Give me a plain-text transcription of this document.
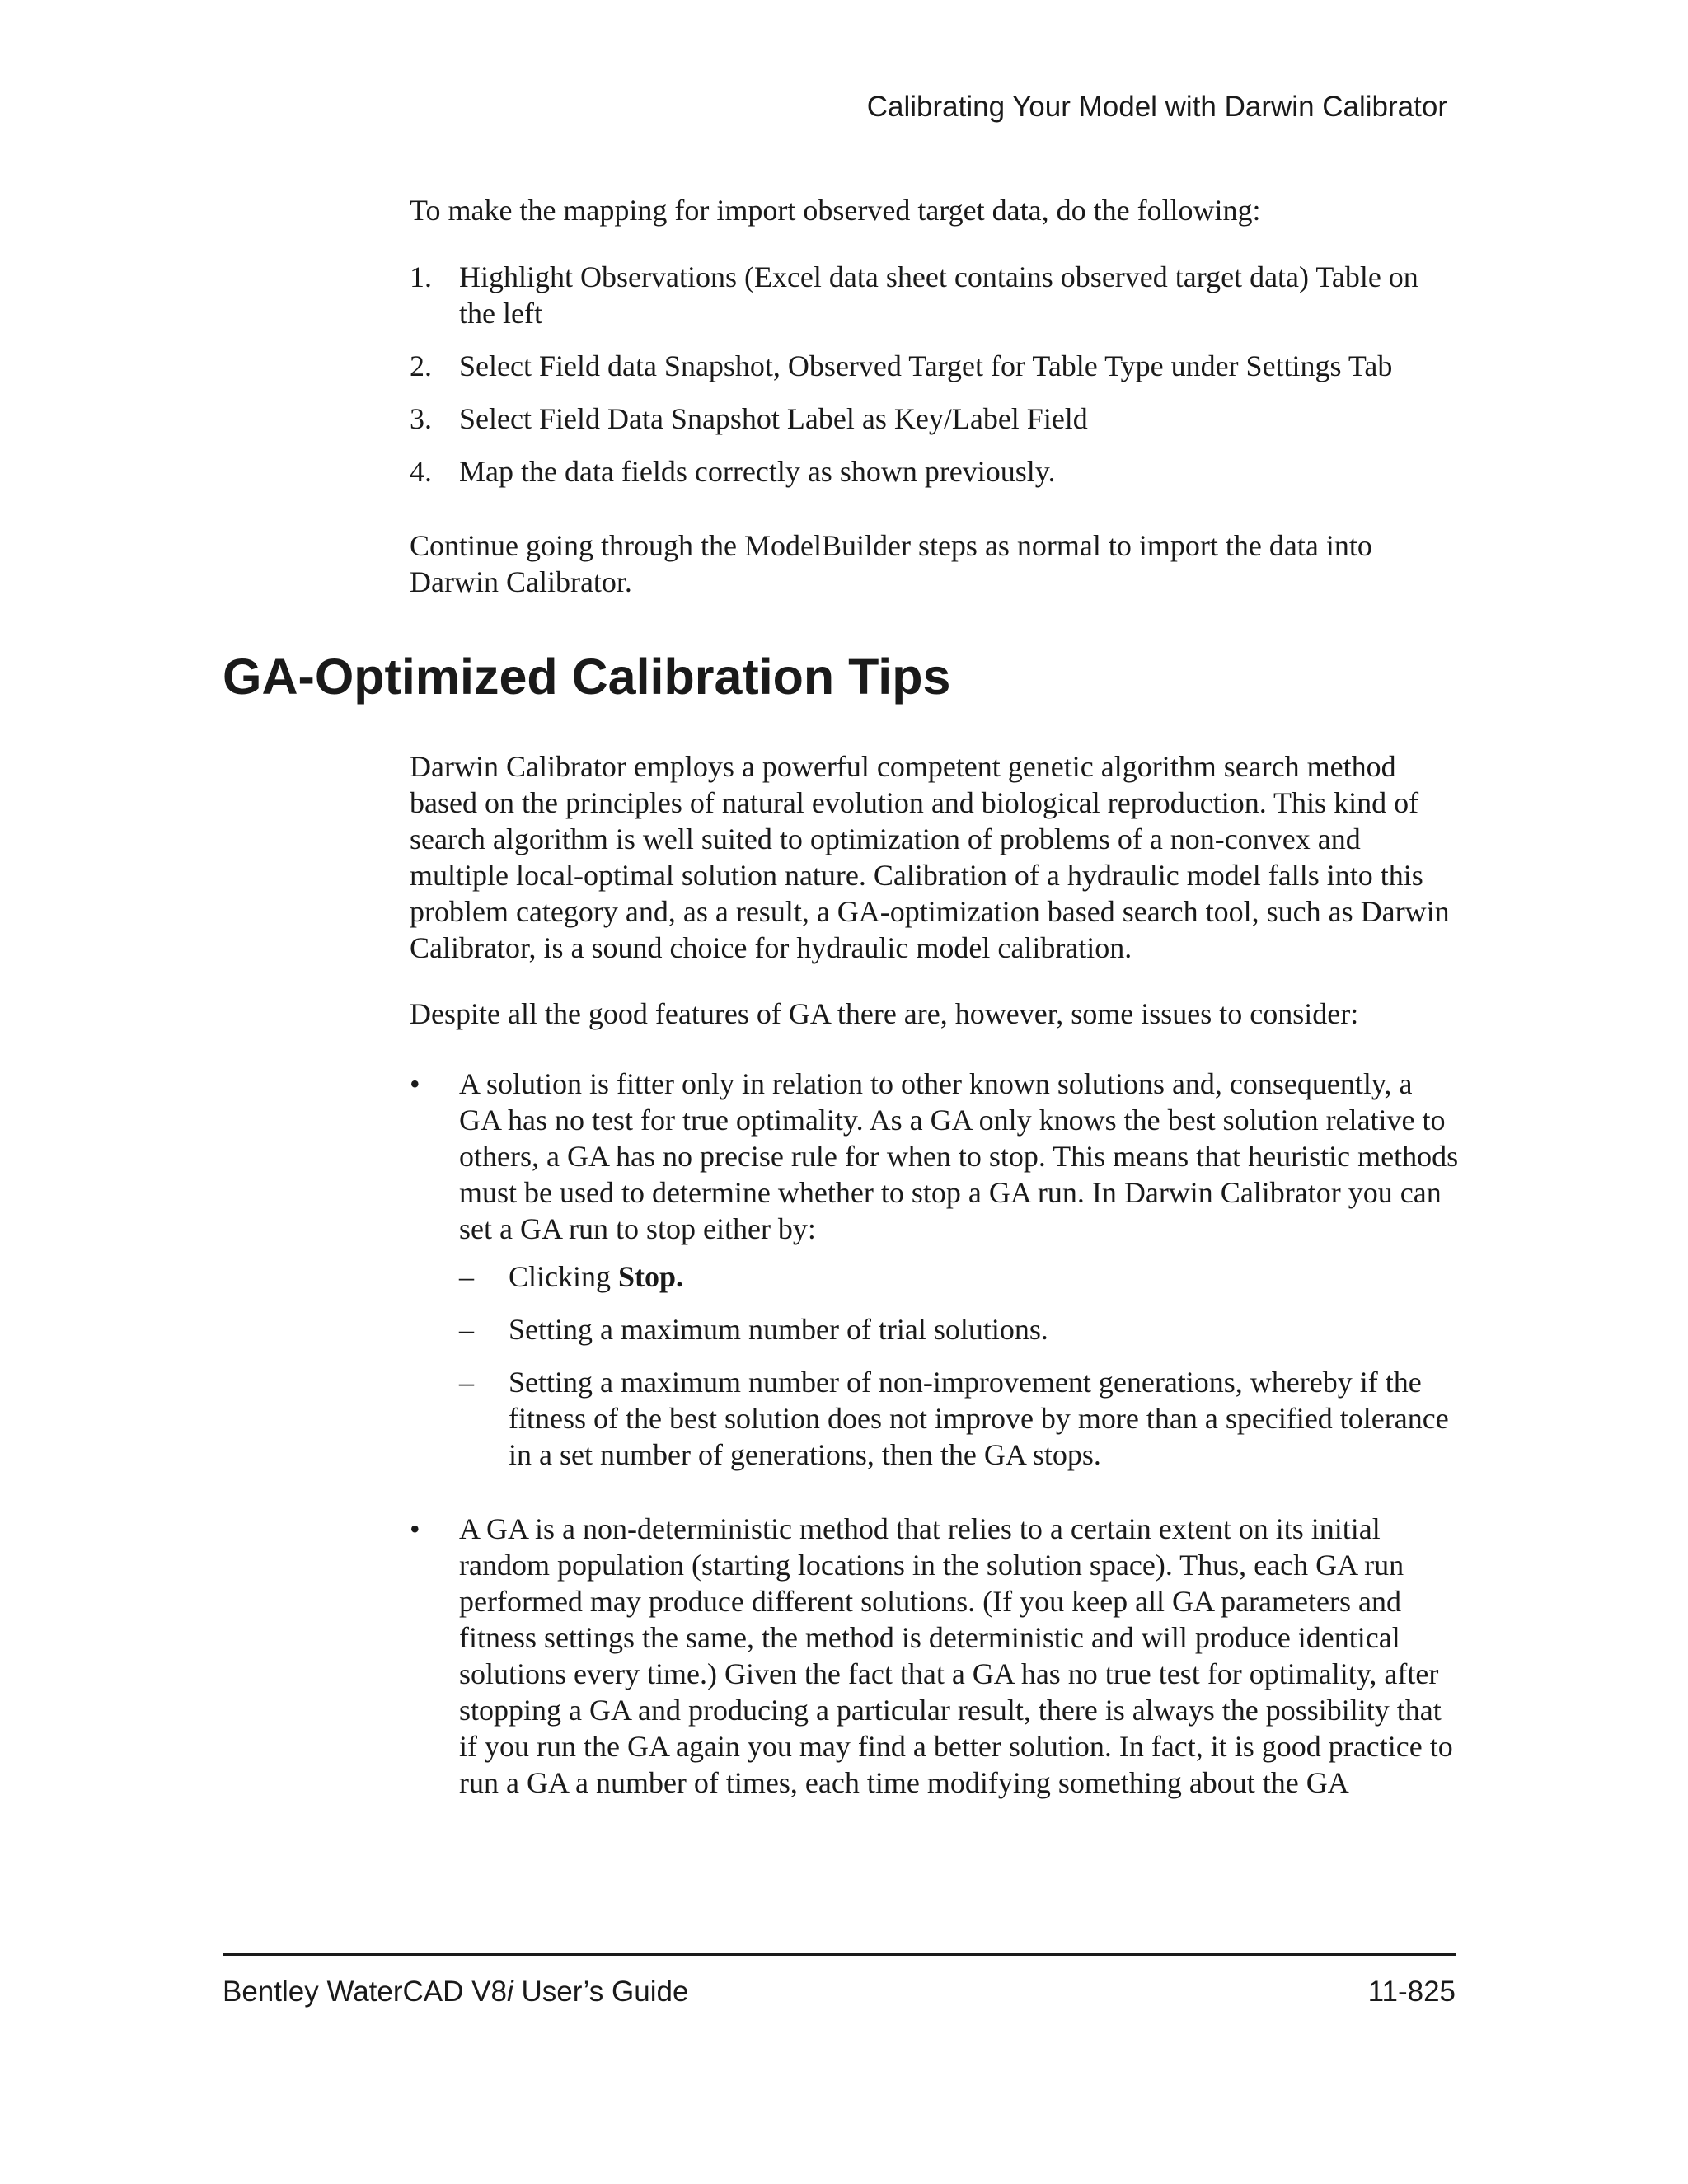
Calibrating Your Model with Darwin Calibrator

To make the mapping for import observed target data, do the following:

1. Highlight Observations (Excel data sheet contains observed target data) Table on the left
2. Select Field data Snapshot, Observed Target for Table Type under Settings Tab
3. Select Field Data Snapshot Label as Key/Label Field
4. Map the data fields correctly as shown previously.

Continue going through the ModelBuilder steps as normal to import the data into Darwin Calibrator.

GA-Optimized Calibration Tips

Darwin Calibrator employs a powerful competent genetic algorithm search method based on the principles of natural evolution and biological reproduction. This kind of search algorithm is well suited to optimization of problems of a non-convex and multiple local-optimal solution nature. Calibration of a hydraulic model falls into this problem category and, as a result, a GA-optimization based search tool, such as Darwin Calibrator, is a sound choice for hydraulic model calibration.

Despite all the good features of GA there are, however, some issues to consider:

• A solution is fitter only in relation to other known solutions and, consequently, a GA has no test for true optimality. As a GA only knows the best solution relative to others, a GA has no precise rule for when to stop. This means that heuristic methods must be used to determine whether to stop a GA run. In Darwin Calibrator you can set a GA run to stop either by:

– Clicking Stop.
– Setting a maximum number of trial solutions.
– Setting a maximum number of non-improvement generations, whereby if the fitness of the best solution does not improve by more than a specified tolerance in a set number of generations, then the GA stops.
• A GA is a non-deterministic method that relies to a certain extent on its initial random population (starting locations in the solution space). Thus, each GA run performed may produce different solutions. (If you keep all GA parameters and fitness settings the same, the method is deterministic and will produce identical solutions every time.) Given the fact that a GA has no true test for optimality, after stopping a GA and producing a particular result, there is always the possibility that if you run the GA again you may find a better solution. In fact, it is good practice to run a GA a number of times, each time modifying something about the GA

Bentley WaterCAD V8i User’s Guide	11-825
